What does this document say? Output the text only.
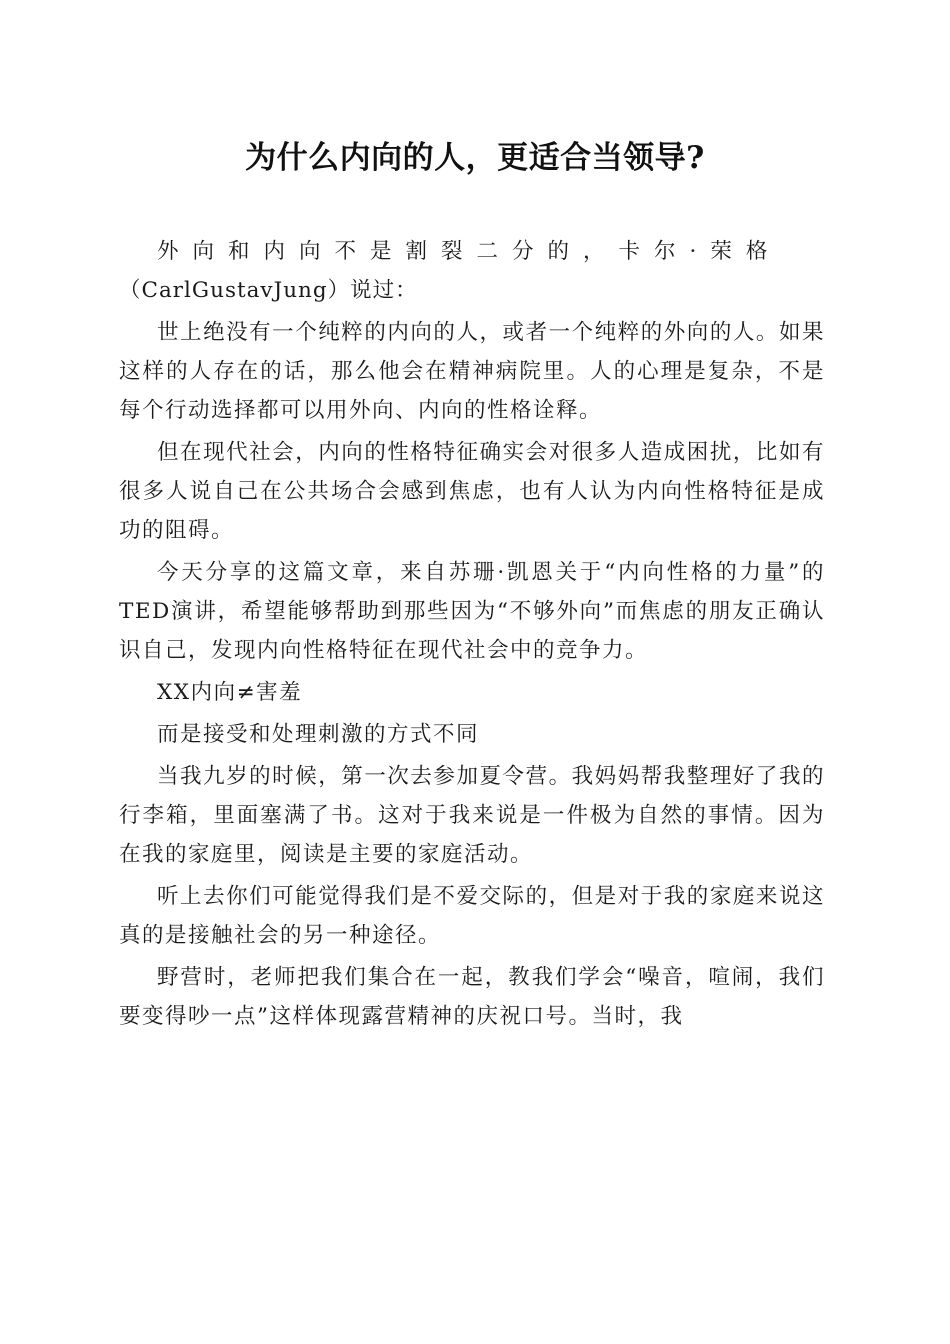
为什么内向的人，更适合当领导?

外向和内向不是割裂二分的，卡尔·荣格

（CarlGustavJung）说过：

世上绝没有一个纯粹的内向的人，或者一个纯粹的外向的人。如果这样的人存在的话，那么他会在精神病院里。人的心理是复杂，不是每个行动选择都可以用外向、内向的性格诠释。

但在现代社会，内向的性格特征确实会对很多人造成困扰，比如有很多人说自己在公共场合会感到焦虑，也有人认为内向性格特征是成功的阻碍。

今天分享的这篇文章，来自苏珊·凯恩关于“内向性格的力量”的TED演讲，希望能够帮助到那些因为“不够外向”而焦虑的朋友正确认识自己，发现内向性格特征在现代社会中的竞争力。

XX内向≠害羞

而是接受和处理刺激的方式不同

当我九岁的时候，第一次去参加夏令营。我妈妈帮我整理好了我的行李箱，里面塞满了书。这对于我来说是一件极为自然的事情。因为在我的家庭里，阅读是主要的家庭活动。

听上去你们可能觉得我们是不爱交际的，但是对于我的家庭来说这真的是接触社会的另一种途径。

野营时，老师把我们集合在一起，教我们学会“噪音，喧闹，我们要变得吵一点”这样体现露营精神的庆祝口号。当时，我
